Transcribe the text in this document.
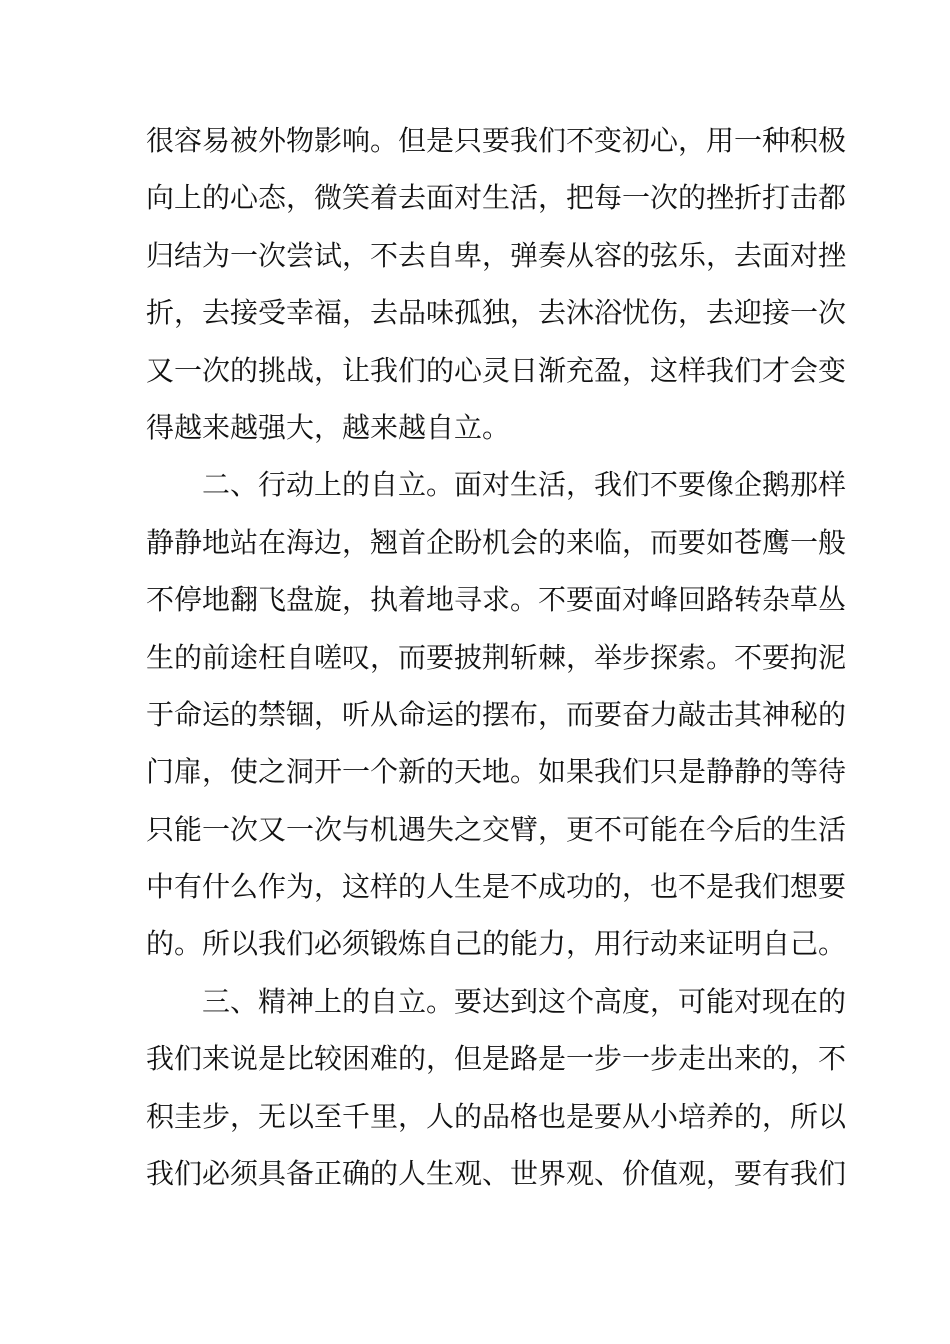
很容易被外物影响。但是只要我们不变初心，用一种积极
向上的心态，微笑着去面对生活，把每一次的挫折打击都
归结为一次尝试，不去自卑，弹奏从容的弦乐，去面对挫
折，去接受幸福，去品味孤独，去沐浴忧伤，去迎接一次
又一次的挑战，让我们的心灵日渐充盈，这样我们才会变
得越来越强大，越来越自立。
二、行动上的自立。面对生活，我们不要像企鹅那样
静静地站在海边，翘首企盼机会的来临，而要如苍鹰一般
不停地翻飞盘旋，执着地寻求。不要面对峰回路转杂草丛
生的前途枉自嗟叹，而要披荆斩棘，举步探索。不要拘泥
于命运的禁锢，听从命运的摆布，而要奋力敲击其神秘的
门扉，使之洞开一个新的天地。如果我们只是静静的等待
只能一次又一次与机遇失之交臂，更不可能在今后的生活
中有什么作为，这样的人生是不成功的，也不是我们想要
的。所以我们必须锻炼自己的能力，用行动来证明自己。
三、精神上的自立。要达到这个高度，可能对现在的
我们来说是比较困难的，但是路是一步一步走出来的，不
积圭步，无以至千里，人的品格也是要从小培养的，所以
我们必须具备正确的人生观、世界观、价值观，要有我们
